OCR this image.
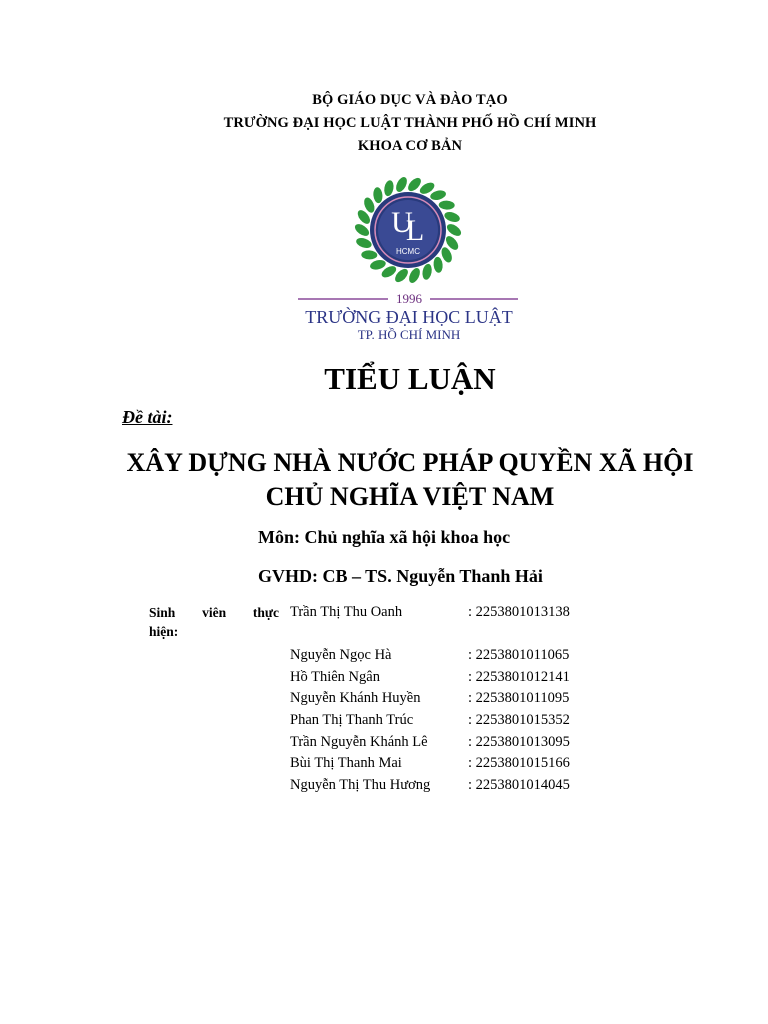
BỘ GIÁO DỤC VÀ ĐÀO TẠO
TRƯỜNG ĐẠI HỌC LUẬT THÀNH PHỐ HỒ CHÍ MINH
KHOA CƠ BẢN
U
L
HCMC
1996
TRƯỜNG ĐẠI HỌC LUẬT
TP. HỒ CHÍ MINH
TIỂU LUẬN
Đề tài:
XÂY DỰNG NHÀ NƯỚC PHÁP QUYỀN XÃ HỘI
CHỦ NGHĨA VIỆT NAM
Môn: Chủ nghĩa xã hội khoa học
GVHD: CB – TS. Nguyễn Thanh Hải
Sinh viên thực
hiện:
Trần Thị Thu Oanh	: 2253801013138
Nguyễn Ngọc Hà	: 2253801011065
Hồ Thiên Ngân	: 2253801012141
Nguyễn Khánh Huyền	: 2253801011095
Phan Thị Thanh Trúc	: 2253801015352
Trần Nguyễn Khánh Lê	: 2253801013095
Bùi Thị Thanh Mai	: 2253801015166
Nguyễn Thị Thu Hương	: 2253801014045
